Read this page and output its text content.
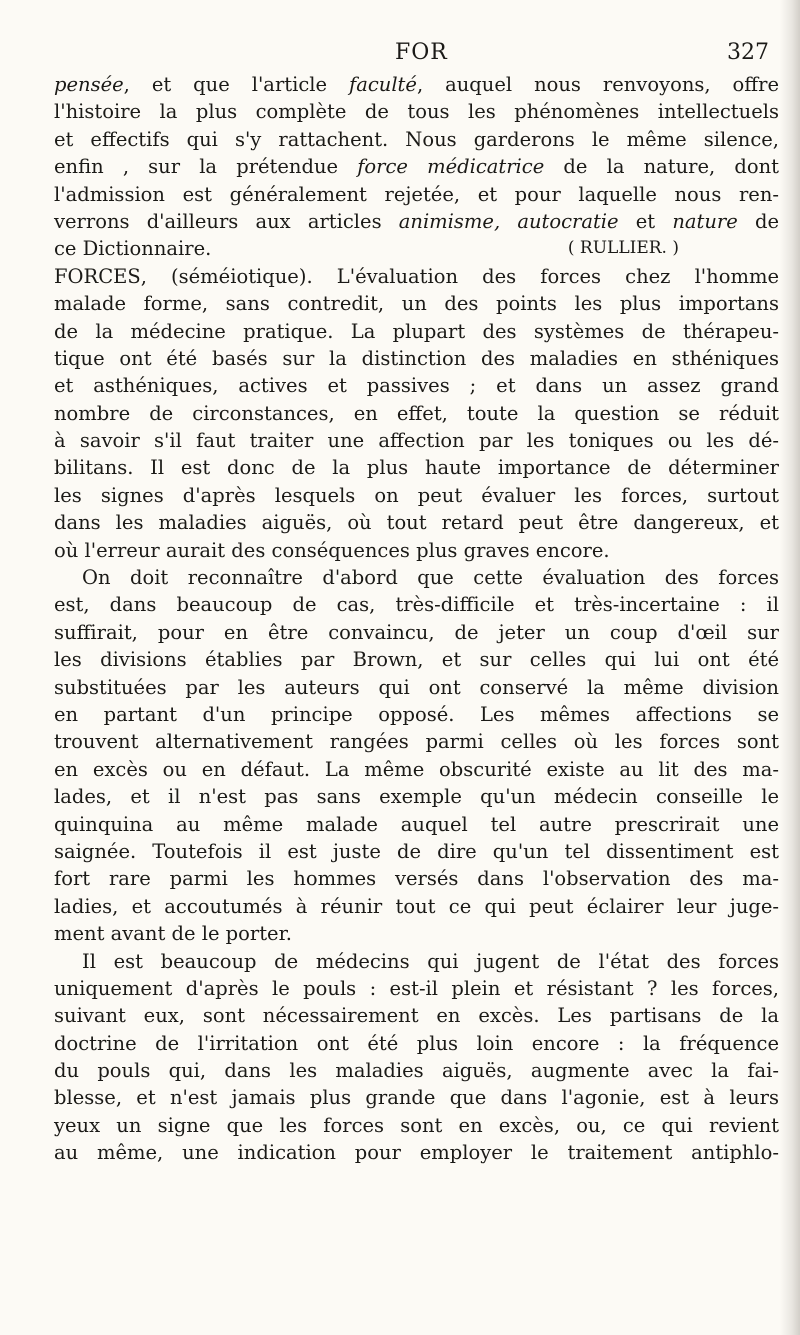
FOR	327
pensée, et que l'article faculté, auquel nous renvoyons, offre
l'histoire la plus complète de tous les phénomènes intellectuels
et effectifs qui s'y rattachent. Nous garderons le même silence,
enfin , sur la prétendue force médicatrice de la nature, dont
l'admission est généralement rejetée, et pour laquelle nous ren-
verrons d'ailleurs aux articles animisme, autocratie et nature de
ce Dictionnaire.	( RULLIER. )
FORCES, (séméiotique). L'évaluation des forces chez l'homme
malade forme, sans contredit, un des points les plus importans
de la médecine pratique. La plupart des systèmes de thérapeu-
tique ont été basés sur la distinction des maladies en sthéniques
et asthéniques, actives et passives ; et dans un assez grand
nombre de circonstances, en effet, toute la question se réduit
à savoir s'il faut traiter une affection par les toniques ou les dé-
bilitans. Il est donc de la plus haute importance de déterminer
les signes d'après lesquels on peut évaluer les forces, surtout
dans les maladies aiguës, où tout retard peut être dangereux, et
où l'erreur aurait des conséquences plus graves encore.
On doit reconnaître d'abord que cette évaluation des forces
est, dans beaucoup de cas, très-difficile et très-incertaine : il
suffirait, pour en être convaincu, de jeter un coup d'œil sur
les divisions établies par Brown, et sur celles qui lui ont été
substituées par les auteurs qui ont conservé la même division
en partant d'un principe opposé. Les mêmes affections se
trouvent alternativement rangées parmi celles où les forces sont
en excès ou en défaut. La même obscurité existe au lit des ma-
lades, et il n'est pas sans exemple qu'un médecin conseille le
quinquina au même malade auquel tel autre prescrirait une
saignée. Toutefois il est juste de dire qu'un tel dissentiment est
fort rare parmi les hommes versés dans l'observation des ma-
ladies, et accoutumés à réunir tout ce qui peut éclairer leur juge-
ment avant de le porter.
Il est beaucoup de médecins qui jugent de l'état des forces
uniquement d'après le pouls : est-il plein et résistant ? les forces,
suivant eux, sont nécessairement en excès. Les partisans de la
doctrine de l'irritation ont été plus loin encore : la fréquence
du pouls qui, dans les maladies aiguës, augmente avec la fai-
blesse, et n'est jamais plus grande que dans l'agonie, est à leurs
yeux un signe que les forces sont en excès, ou, ce qui revient
au même, une indication pour employer le traitement antiphlo-
